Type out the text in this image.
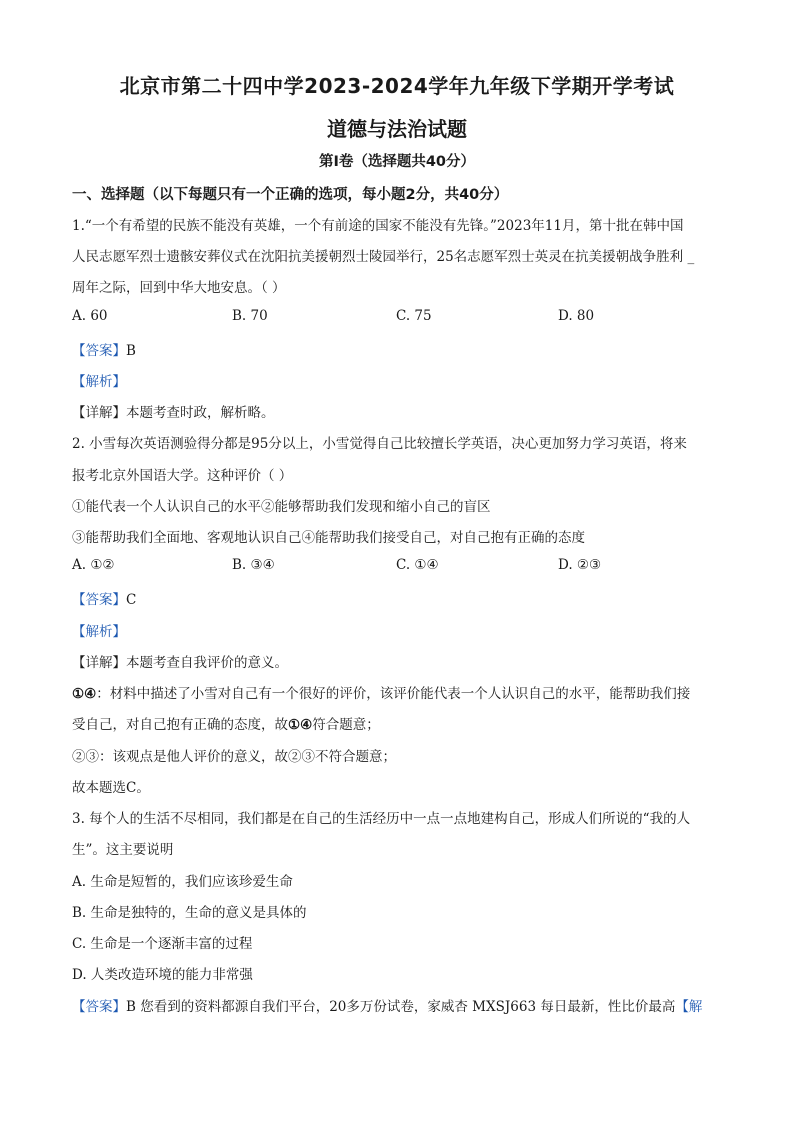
北京市第二十四中学2023-2024学年九年级下学期开学考试
道德与法治试题
第Ⅰ卷（选择题共40分）
一、选择题（以下每题只有一个正确的选项，每小题2分，共40分）
1.“一个有希望的民族不能没有英雄，一个有前途的国家不能没有先锋。”2023年11月，第十批在韩中国
人民志愿军烈士遗骸安葬仪式在沈阳抗美援朝烈士陵园举行，25名志愿军烈士英灵在抗美援朝战争胜利 _
周年之际，回到中华大地安息。（ ）
A. 60	B. 70	C. 75	D. 80
【答案】B
【解析】
【详解】本题考查时政，解析略。
2. 小雪每次英语测验得分都是95分以上，小雪觉得自己比较擅长学英语，决心更加努力学习英语，将来
报考北京外国语大学。这种评价（ ）
①能代表一个人认识自己的水平②能够帮助我们发现和缩小自己的盲区
③能帮助我们全面地、客观地认识自己④能帮助我们接受自己，对自己抱有正确的态度
A. ①②	B. ③④	C. ①④	D. ②③
【答案】C
【解析】
【详解】本题考查自我评价的意义。
①④：材料中描述了小雪对自己有一个很好的评价，该评价能代表一个人认识自己的水平，能帮助我们接
受自己，对自己抱有正确的态度，故①④符合题意；
②③：该观点是他人评价的意义，故②③不符合题意；
故本题选C。
3. 每个人的生活不尽相同，我们都是在自己的生活经历中一点一点地建构自己，形成人们所说的“我的人
生”。这主要说明
A. 生命是短暂的，我们应该珍爱生命
B. 生命是独特的，生命的意义是具体的
C. 生命是一个逐渐丰富的过程
D. 人类改造环境的能力非常强
【答案】B 您看到的资料都源自我们平台，20多万份试卷，家威杏 MXSJ663 每日最新，性比价最高【解
